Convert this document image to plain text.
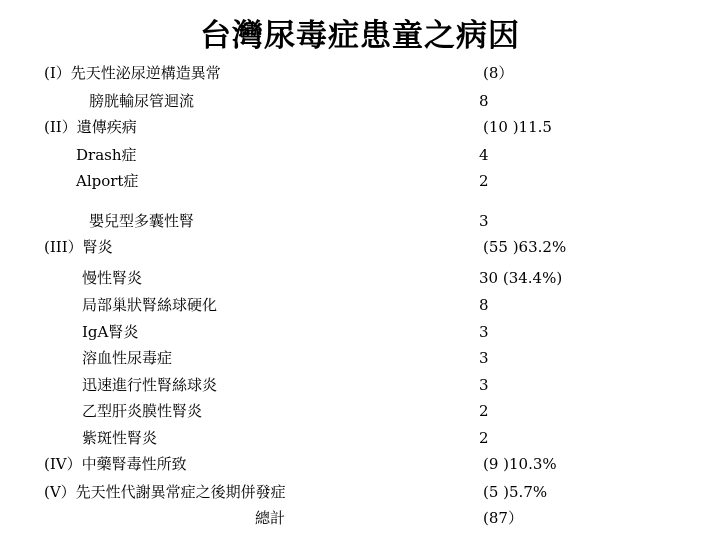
台灣尿毒症患童之病因
(I）先天性泌尿逆構造異常	(8）
膀胱輸尿管迴流	8
(II）遺傳疾病	(10 )11.5
Drash症	4
Alport症	2
嬰兒型多囊性腎	3
(III）腎炎	(55 )63.2%
慢性腎炎	30 (34.4%)
局部巢狀腎絲球硬化	8
IgA腎炎	3
溶血性尿毒症	3
迅速進行性腎絲球炎	3
乙型肝炎膜性腎炎	2
紫斑性腎炎	2
(IV）中藥腎毒性所致	(9 )10.3%
(V）先天性代謝異常症之後期併發症	(5 )5.7%
總計	(87）
